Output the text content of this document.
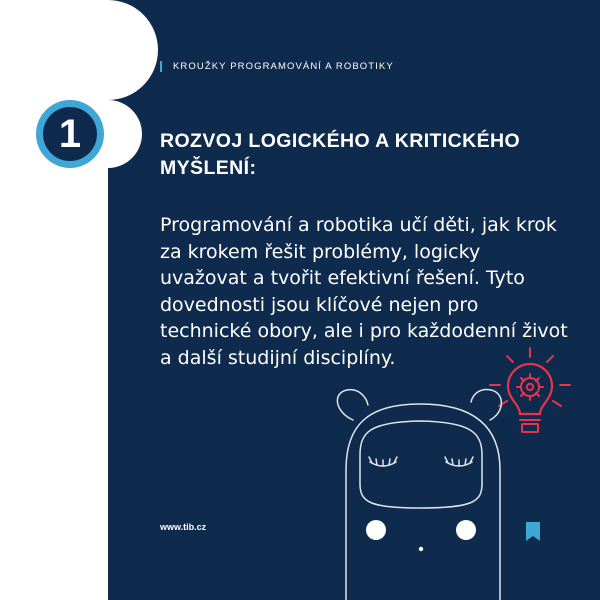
1
KROUŽKY PROGRAMOVÁNÍ A ROBOTIKY
ROZVOJ LOGICKÉHO A KRITICKÉHO MYŠLENÍ:

Programování a robotika učí děti, jak krok za krokem řešit problémy, logicky uvažovat a tvořit efektivní řešení. Tyto dovednosti jsou klíčové nejen pro technické obory, ale i pro každodenní život a další studijní disciplíny.

www.tib.cz
